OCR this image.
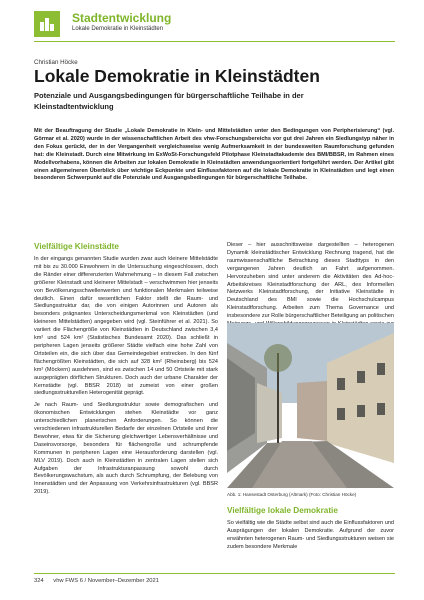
Stadtentwicklung
Lokale Demokratie in Kleinstädten
Christian Höcke
Lokale Demokratie in Kleinstädten
Potenziale und Ausgangsbedingungen für bürgerschaftliche Teilhabe in der Kleinstadtentwicklung
Mit der Beauftragung der Studie „Lokale Demokratie in Klein- und Mittelstädten unter den Bedingungen von Peripherisierung“ (vgl. Görmar et al. 2020) wurde in der wissenschaftlichen Arbeit des vhw-Forschungsbereichs vor gut drei Jahren ein Siedlungstyp näher in den Fokus gerückt, der in der Vergangenheit vergleichsweise wenig Aufmerksamkeit in der bundesweiten Raumforschung gefunden hat: die Kleinstadt. Durch eine Mitwirkung im ExWoSt-Forschungsfeld Pilotphase Kleinstadtakademie des BMI/BBSR, im Rahmen eines Modellvorhabens, können die Arbeiten zur lokalen Demokratie in Kleinstädten anwendungsorientiert fortgeführt werden. Der Artikel gibt einen allgemeineren Überblick über wichtige Eckpunkte und Einflussfaktoren auf die lokale Demokratie in Kleinstädten und legt einen besonderen Schwerpunkt auf die Potenziale und Ausgangsbedingungen für bürgerschaftliche Teilhabe.
Vielfältige Kleinstädte

In der eingangs genannten Studie wurden zwar auch kleinere Mittelstädte mit bis zu 30.000 Einwohnern in die Untersuchung eingeschlossen, doch die Ränder einer differenzierten Wahrnehmung – in diesem Fall zwischen größerer Kleinstadt und kleinerer Mittelstadt – verschwimmen hier jenseits von Bevölkerungsschwellenwerten und funktionalen Merkmalen teilweise deutlich. Einen dafür wesentlichen Faktor stellt die Raum- und Siedlungsstruktur dar, die von einigen Autorinnen und Autoren als besonders prägnantes Unterscheidungsmerkmal von Kleinstädten (und kleineren Mittelstädten) angegeben wird (vgl. Steinführer et al. 2021). So variiert die Flächengröße von Kleinstädten in Deutschland zwischen 3,4 km² und 524 km² (Statistisches Bundesamt 2020). Das schließt in peripheren Lagen jenseits größerer Städte vielfach eine hohe Zahl von Ortsteilen ein, die sich über das Gemeindegebiet erstrecken. In den fünf flächengrößten Kleinstädten, die sich auf 328 km² (Rheinsberg) bis 524 km² (Möckern) ausdehnen, sind es zwischen 14 und 50 Ortsteile mit stark ausgeprägten dörflichen Strukturen. Doch auch der urbane Charakter der Kernstädte (vgl. BBSR 2018) ist zumeist von einer großen siedlungsstrukturellen Heterogenität geprägt.

Je nach Raum- und Siedlungsstruktur sowie demografischen und ökonomischen Entwicklungen stehen Kleinstädte vor ganz unterschiedlichen planerischen Anforderungen. So können die verschiedenen infrastrukturellen Bedarfe der einzelnen Ortsteile und ihrer Bewohner, etwa für die Sicherung gleichwertiger Lebensverhältnisse und Daseinsvorsorge, besonders für flächengroße und schrumpfende Kommunen in peripheren Lagen eine Herausforderung darstellen (vgl. MLV 2019). Doch auch in Kleinstädten in zentralen Lagen stellen sich Aufgaben der Infrastrukturanpassung sowohl durch Bevölkerungswachstum, als auch durch Schrumpfung, der Belebung von Innenstädten und der Anpassung von Verkehrsinfrastrukturen (vgl. BBSR 2019).

Dieser – hier ausschnittsweise dargestellten – heterogenen Dynamik kleinstädtischer Entwicklung Rechnung tragend, hat die raumwissenschaftliche Betrachtung dieses Stadttyps in den vergangenen Jahren deutlich an Fahrt aufgenommen. Hervorzuheben sind unter anderem die Aktivitäten des Ad-hoc-Arbeitskreises Kleinstadtforschung der ARL, des Informellen Netzwerks Kleinstadtforschung, der Initiative Kleinstädte in Deutschland des BMI sowie die Hochschulcampus Kleinstadtforschung. Arbeiten zum Thema Governance und insbesondere zur Rolle bürgerschaftlicher Beteiligung an politischen

Abb. 1: Hansestadt Osterburg (Altmark) (Foto: Christian Höcke)
Vielfältige lokale Demokratie

So vielfältig wie die Städte selbst sind auch die Einflussfaktoren und Ausprägungen der lokalen Demokratie. Aufgrund der zuvor erwähnten heterogenen Raum- und Siedlungsstrukturen weisen sie zudem besondere Merkmale

324 vhw FWS 6 / November–Dezember 2021
